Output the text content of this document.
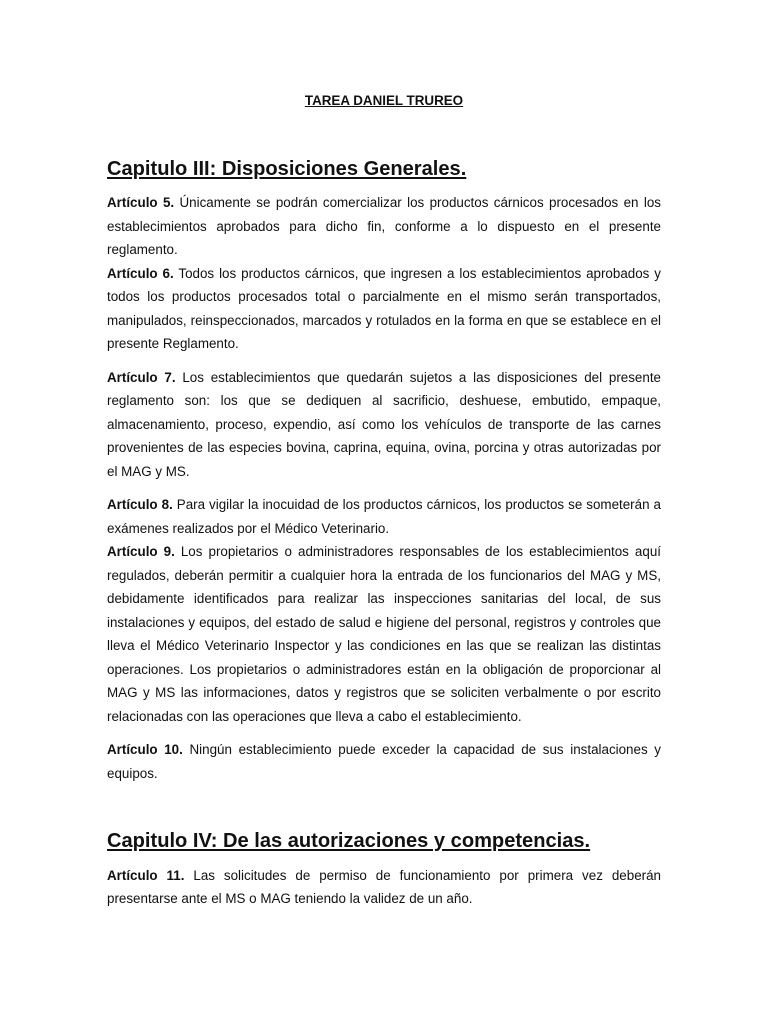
TAREA DANIEL TRUREO
Capitulo III: Disposiciones Generales.

Artículo 5. Únicamente se podrán comercializar los productos cárnicos procesados en los establecimientos aprobados para dicho fin, conforme a lo dispuesto en el presente reglamento.

Artículo 6. Todos los productos cárnicos, que ingresen a los establecimientos aprobados y todos los productos procesados total o parcialmente en el mismo serán transportados, manipulados, reinspeccionados, marcados y rotulados en la forma en que se establece en el presente Reglamento.

Artículo 7. Los establecimientos que quedarán sujetos a las disposiciones del presente reglamento son: los que se dediquen al sacrificio, deshuese, embutido, empaque, almacenamiento, proceso, expendio, así como los vehículos de transporte de las carnes provenientes de las especies bovina, caprina, equina, ovina, porcina y otras autorizadas por el MAG y MS.

Artículo 8. Para vigilar la inocuidad de los productos cárnicos, los productos se someterán a exámenes realizados por el Médico Veterinario.

Artículo 9. Los propietarios o administradores responsables de los establecimientos aquí regulados, deberán permitir a cualquier hora la entrada de los funcionarios del MAG y MS, debidamente identificados para realizar las inspecciones sanitarias del local, de sus instalaciones y equipos, del estado de salud e higiene del personal, registros y controles que lleva el Médico Veterinario Inspector y las condiciones en las que se realizan las distintas operaciones. Los propietarios o administradores están en la obligación de proporcionar al MAG y MS las informaciones, datos y registros que se soliciten verbalmente o por escrito relacionadas con las operaciones que lleva a cabo el establecimiento.

Artículo 10. Ningún establecimiento puede exceder la capacidad de sus instalaciones y equipos.

Capitulo IV: De las autorizaciones y competencias.

Artículo 11. Las solicitudes de permiso de funcionamiento por primera vez deberán presentarse ante el MS o MAG teniendo la validez de un año.
